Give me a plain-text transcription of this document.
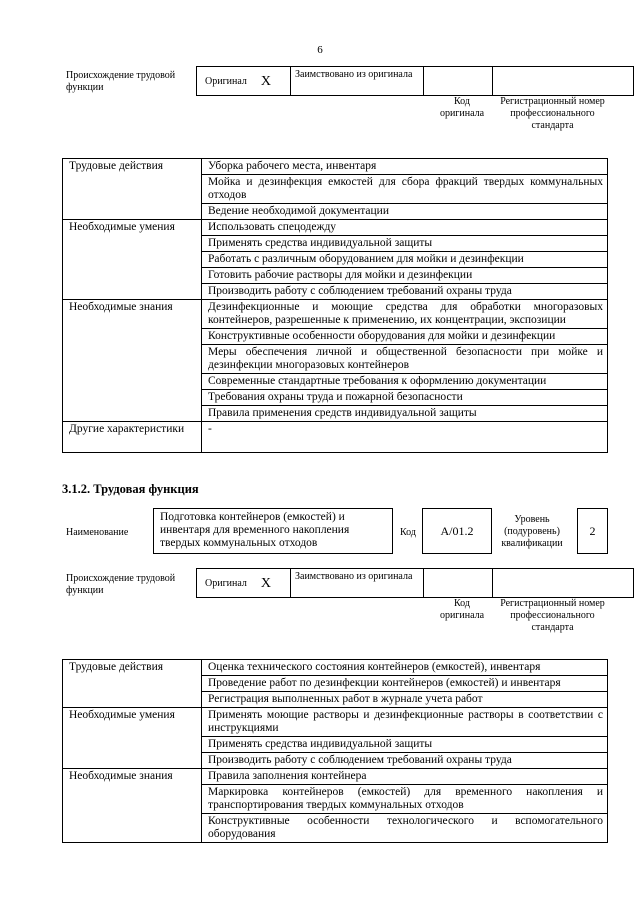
6
Происхождение трудовой функции
Оригинал X	Заимствовано из оригинала
Код оригинала
Регистрационный номер профессионального стандарта
Трудовые действия	Уборка рабочего места, инвентаря
	Мойка и дезинфекция емкостей для сбора фракций твердых коммунальных отходов
	Ведение необходимой документации
Необходимые умения	Использовать спецодежду
	Применять средства индивидуальной защиты
	Работать с различным оборудованием для мойки и дезинфекции
	Готовить рабочие растворы для мойки и дезинфекции
	Производить работу с соблюдением требований охраны труда
Необходимые знания	Дезинфекционные и моющие средства для обработки многоразовых контейнеров, разрешенные к применению, их концентрации, экспозиции
	Конструктивные особенности оборудования для мойки и дезинфекции
	Меры обеспечения личной и общественной безопасности при мойке и дезинфекции многоразовых контейнеров
	Современные стандартные требования к оформлению документации
	Требования охраны труда и пожарной безопасности
	Правила применения средств индивидуальной защиты
Другие характеристики	-
3.1.2. Трудовая функция
Наименование
Подготовка контейнеров (емкостей) и инвентаря для временного накопления твердых коммунальных отходов
Код	A/01.2
Уровень (подуровень) квалификации
2
Происхождение трудовой функции
Оригинал X	Заимствовано из оригинала
Код оригинала
Регистрационный номер профессионального стандарта
Трудовые действия	Оценка технического состояния контейнеров (емкостей), инвентаря
	Проведение работ по дезинфекции контейнеров (емкостей) и инвентаря
	Регистрация выполненных работ в журнале учета работ
Необходимые умения	Применять моющие растворы и дезинфекционные растворы в соответствии с инструкциями
	Применять средства индивидуальной защиты
	Производить работу с соблюдением требований охраны труда
Необходимые знания	Правила заполнения контейнера
	Маркировка контейнеров (емкостей) для временного накопления и транспортирования твердых коммунальных отходов
	Конструктивные особенности технологического и вспомогательного оборудования
